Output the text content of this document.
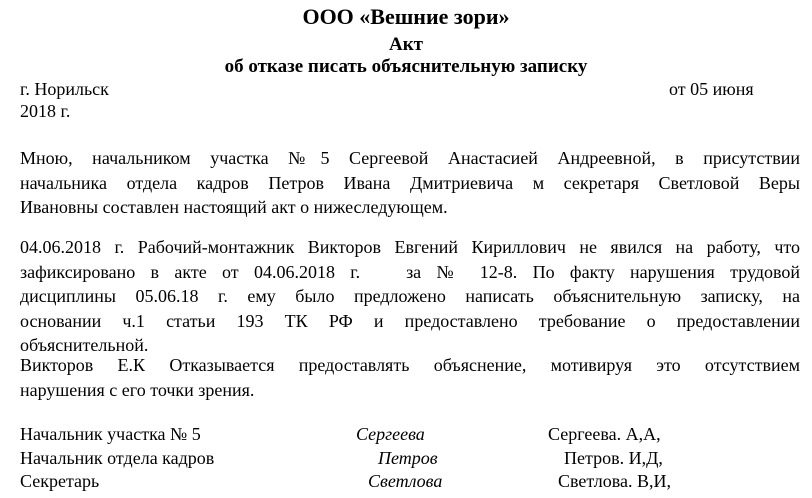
ООО «Вешние зори»
Акт
об отказе писать объяснительную записку
г. Норильск	от 05 июня
2018 г.

Мною, начальником участка №5 Сергеевой Анастасией Андреевной, в присутствии

начальника отдела кадров Петров Ивана Дмитриевича м секретаря Светловой Веры

Ивановны составлен настоящий акт о нижеследующем.

04.06.2018 г. Рабочий-монтажник Викторов Евгений Кириллович не явился на работу, что

зафиксировано в акте от 04.06.2018 г.   за № 12-8. По факту нарушения трудовой

дисциплины 05.06.18 г. ему было предложено написать объяснительную записку, на

основании ч.1 статьи 193 ТК РФ и предоставлено требование о предоставлении

объяснительной.

Викторов Е.К Отказывается предоставлять объяснение, мотивируя это отсутствием

нарушения с его точки зрения.

Начальник участка № 5	Сергеева	Сергеева. А,А,
Начальник отдела кадров	Петров	Петров. И,Д,
Секретарь	Светлова	Светлова. В,И,
